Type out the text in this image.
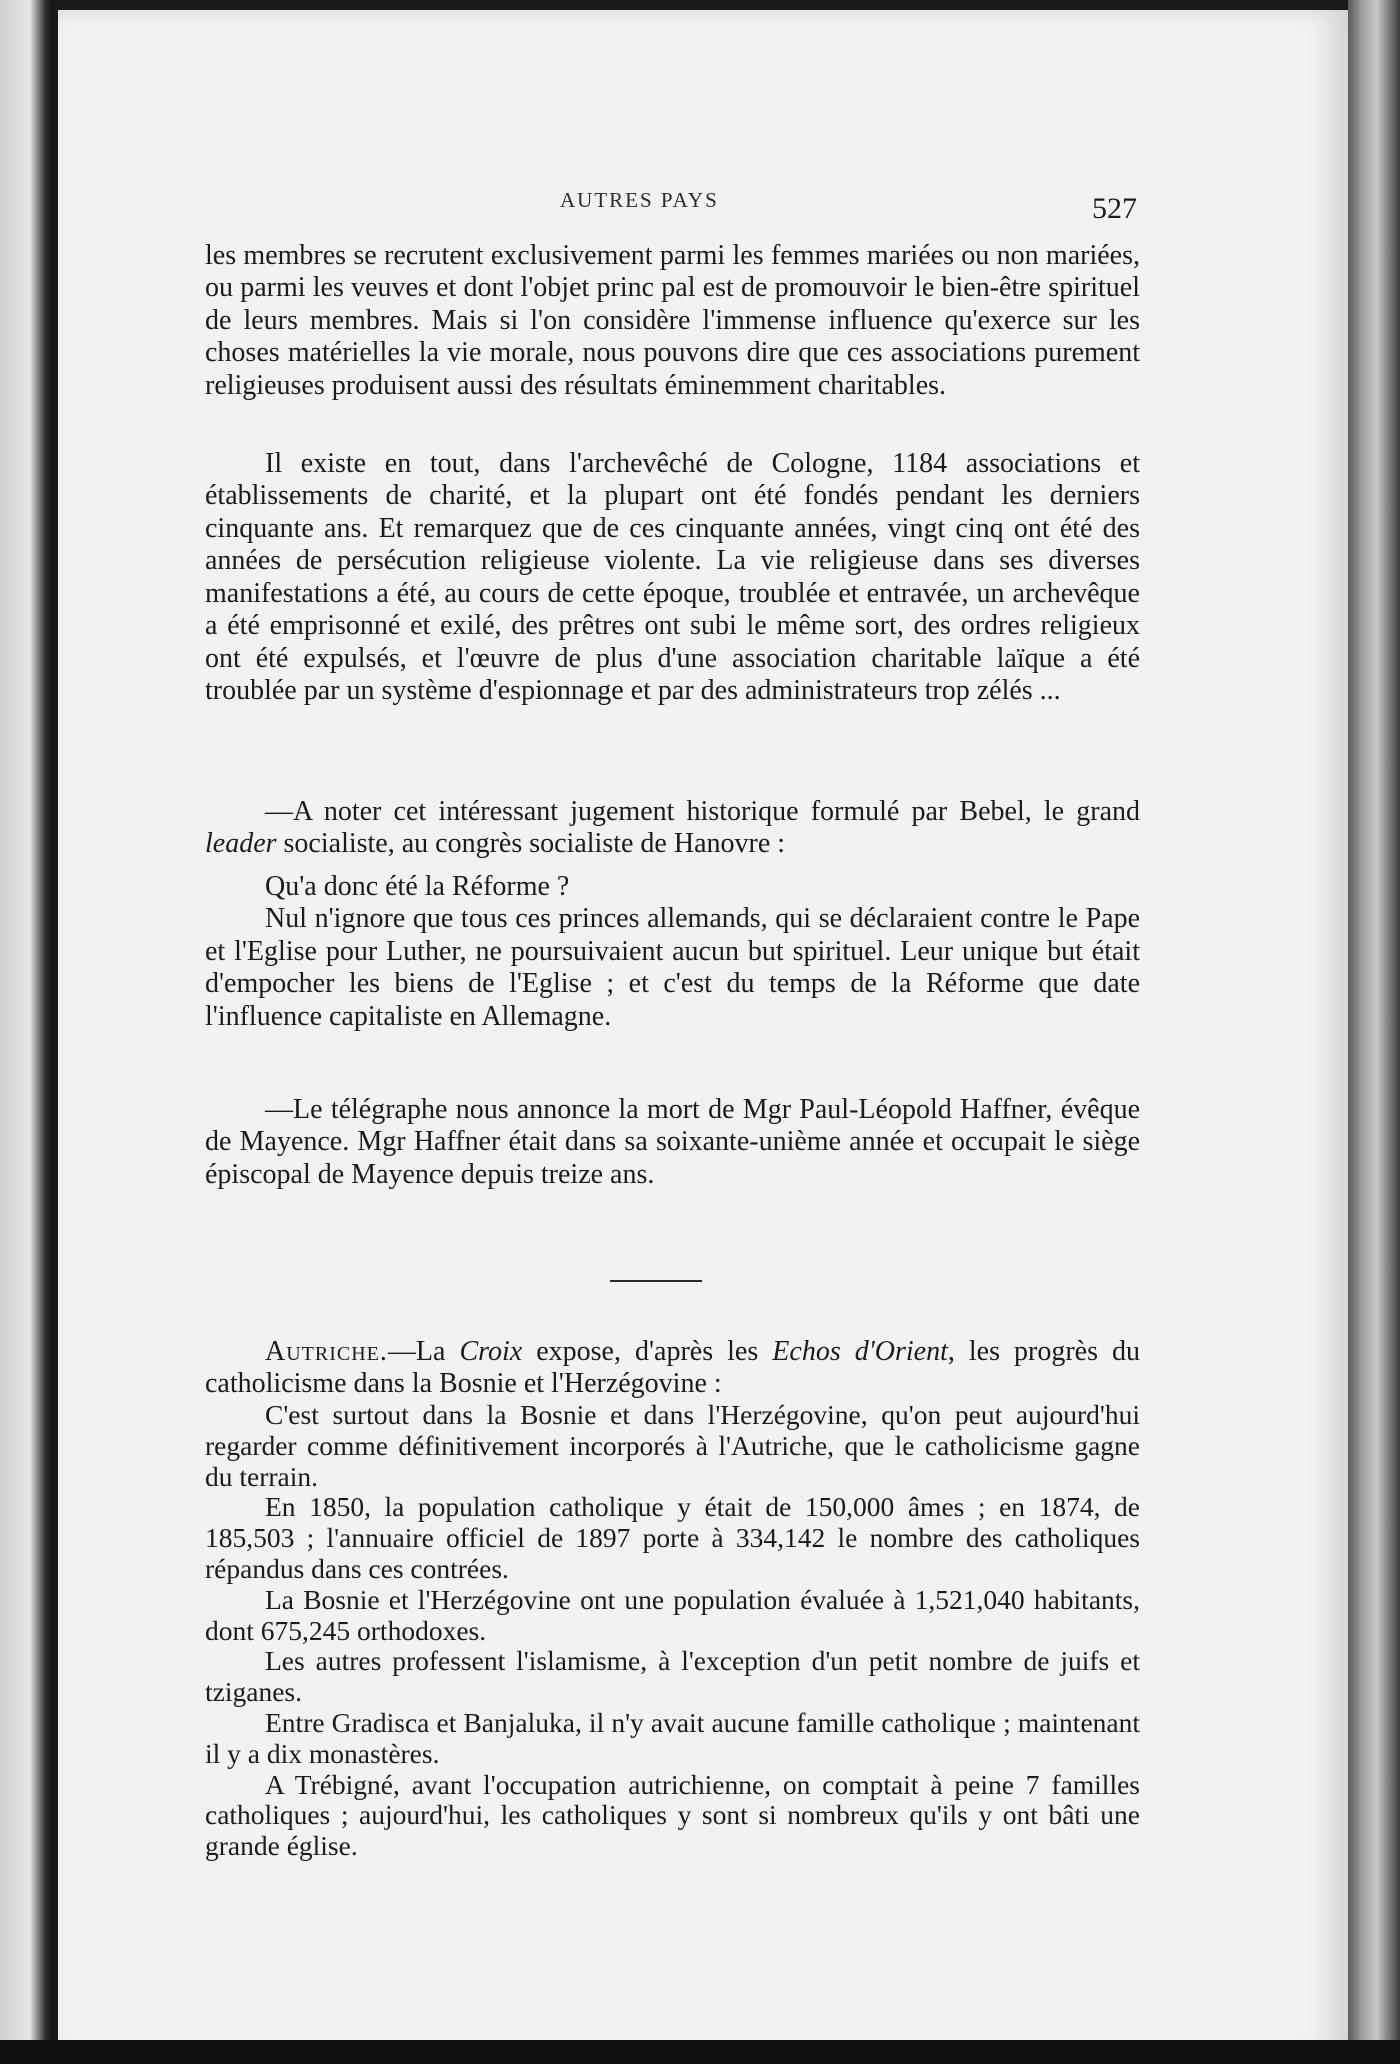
AUTRES PAYS	527

les membres se recrutent exclusivement parmi les femmes mariées ou non mariées, ou parmi les veuves et dont l'objet princ pal est de promouvoir le bien-être spirituel de leurs membres. Mais si l'on considère l'immense influence qu'exerce sur les choses matérielles la vie morale, nous pouvons dire que ces associations purement religieuses produisent aussi des résultats éminemment charitables.

Il existe en tout, dans l'archevêché de Cologne, 1184 associations et établissements de charité, et la plupart ont été fondés pendant les derniers cinquante ans. Et remarquez que de ces cinquante années, vingt cinq ont été des années de persécution religieuse violente. La vie religieuse dans ses diverses manifestations a été, au cours de cette époque, troublée et entravée, un archevêque a été emprisonné et exilé, des prêtres ont subi le même sort, des ordres religieux ont été expulsés, et l'œuvre de plus d'une association charitable laïque a été troublée par un système d'espionnage et par des administrateurs trop zélés ...

—A noter cet intéressant jugement historique formulé par Bebel, le grand leader socialiste, au congrès socialiste de Hanovre :

Qu'a donc été la Réforme ?

Nul n'ignore que tous ces princes allemands, qui se déclaraient contre le Pape et l'Eglise pour Luther, ne poursuivaient aucun but spirituel. Leur unique but était d'empocher les biens de l'Eglise ; et c'est du temps de la Réforme que date l'influence capitaliste en Allemagne.

—Le télégraphe nous annonce la mort de Mgr Paul-Léopold Haffner, évêque de Mayence. Mgr Haffner était dans sa soixante-unième année et occupait le siège épiscopal de Mayence depuis treize ans.

Autriche.—La Croix expose, d'après les Echos d'Orient, les progrès du catholicisme dans la Bosnie et l'Herzégovine :

C'est surtout dans la Bosnie et dans l'Herzégovine, qu'on peut aujourd'hui regarder comme définitivement incorporés à l'Autriche, que le catholicisme gagne du terrain.

En 1850, la population catholique y était de 150,000 âmes ; en 1874, de 185,503 ; l'annuaire officiel de 1897 porte à 334,142 le nombre des catholiques répandus dans ces contrées.

La Bosnie et l'Herzégovine ont une population évaluée à 1,521,040 habitants, dont 675,245 orthodoxes.

Les autres professent l'islamisme, à l'exception d'un petit nombre de juifs et tziganes.

Entre Gradisca et Banjaluka, il n'y avait aucune famille catholique ; maintenant il y a dix monastères.

A Trébigné, avant l'occupation autrichienne, on comptait à peine 7 familles catholiques ; aujourd'hui, les catholiques y sont si nombreux qu'ils y ont bâti une grande église.
